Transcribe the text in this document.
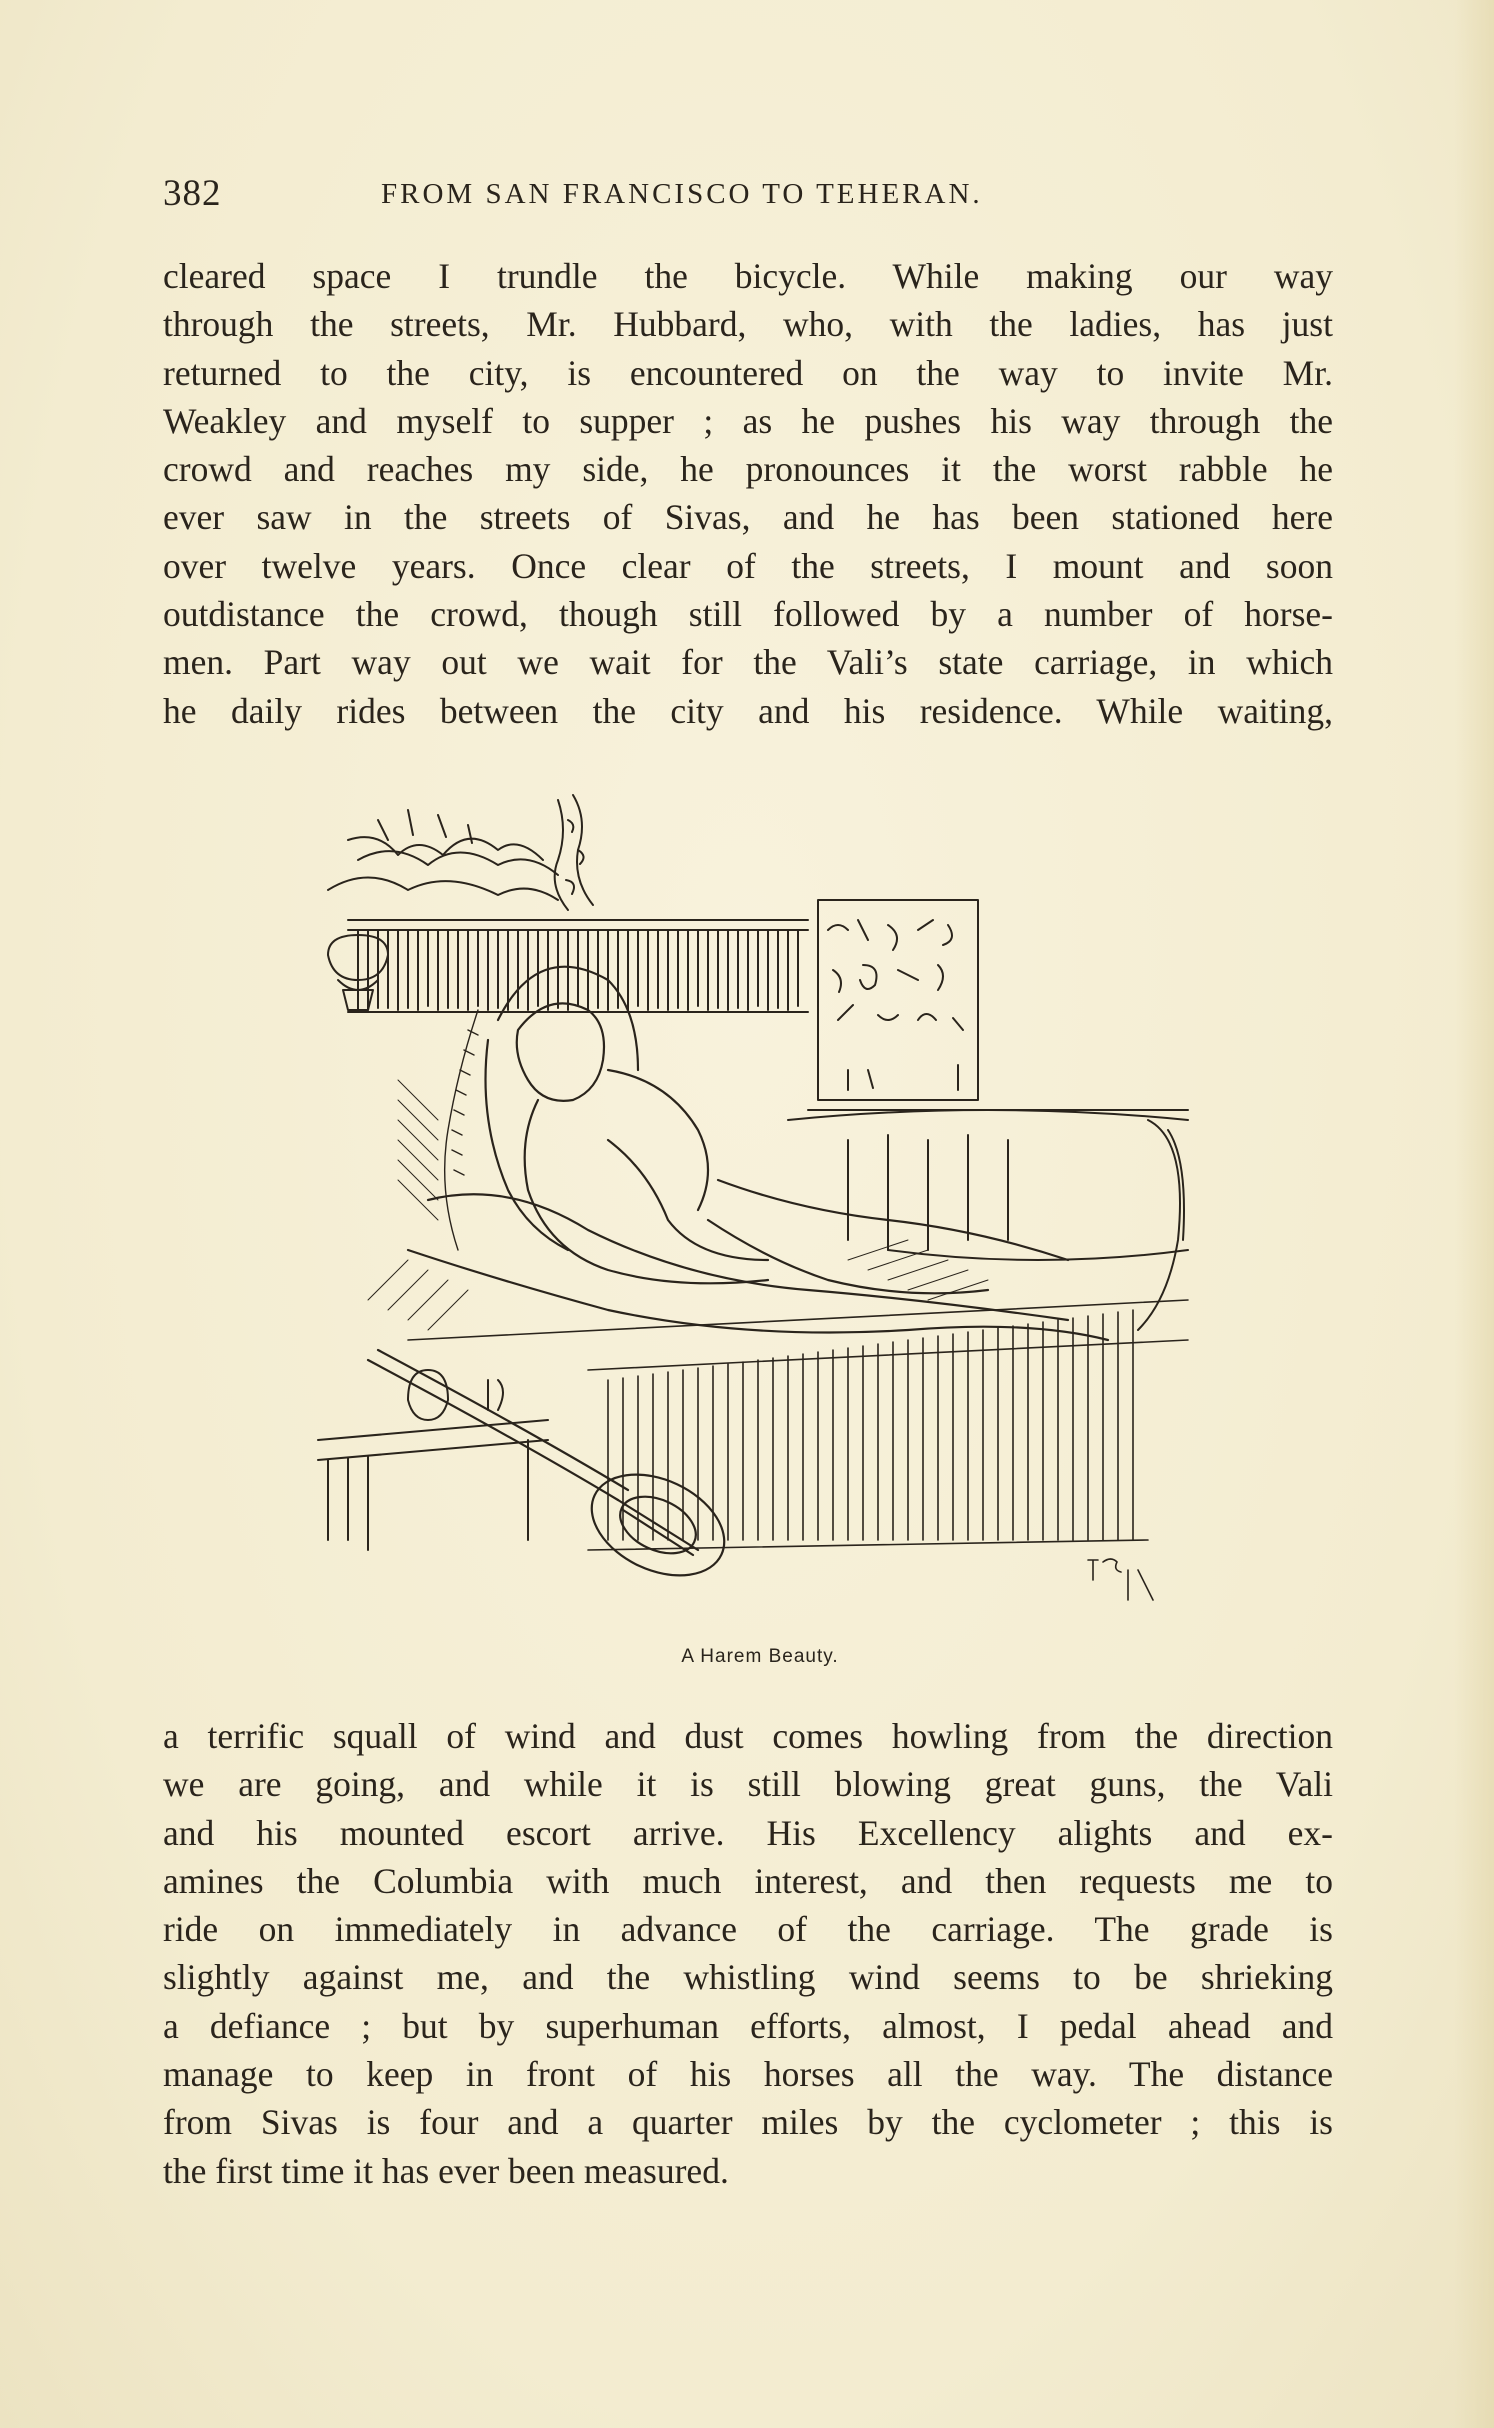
382	FROM SAN FRANCISCO TO TEHERAN.
cleared space I trundle the bicycle. While making our way
through the streets, Mr. Hubbard, who, with the ladies, has just
returned to the city, is encountered on the way to invite Mr.
Weakley and myself to supper ; as he pushes his way through the
crowd and reaches my side, he pronounces it the worst rabble he
ever saw in the streets of Sivas, and he has been stationed here
over twelve years. Once clear of the streets, I mount and soon
outdistance the crowd, though still followed by a number of horse-
men. Part way out we wait for the Vali’s state carriage, in which
he daily rides between the city and his residence. While waiting,
A Harem Beauty.
a terrific squall of wind and dust comes howling from the direction
we are going, and while it is still blowing great guns, the Vali
and his mounted escort arrive. His Excellency alights and ex-
amines the Columbia with much interest, and then requests me to
ride on immediately in advance of the carriage. The grade is
slightly against me, and the whistling wind seems to be shrieking
a defiance ; but by superhuman efforts, almost, I pedal ahead and
manage to keep in front of his horses all the way. The distance
from Sivas is four and a quarter miles by the cyclometer ; this is
the first time it has ever been measured.
